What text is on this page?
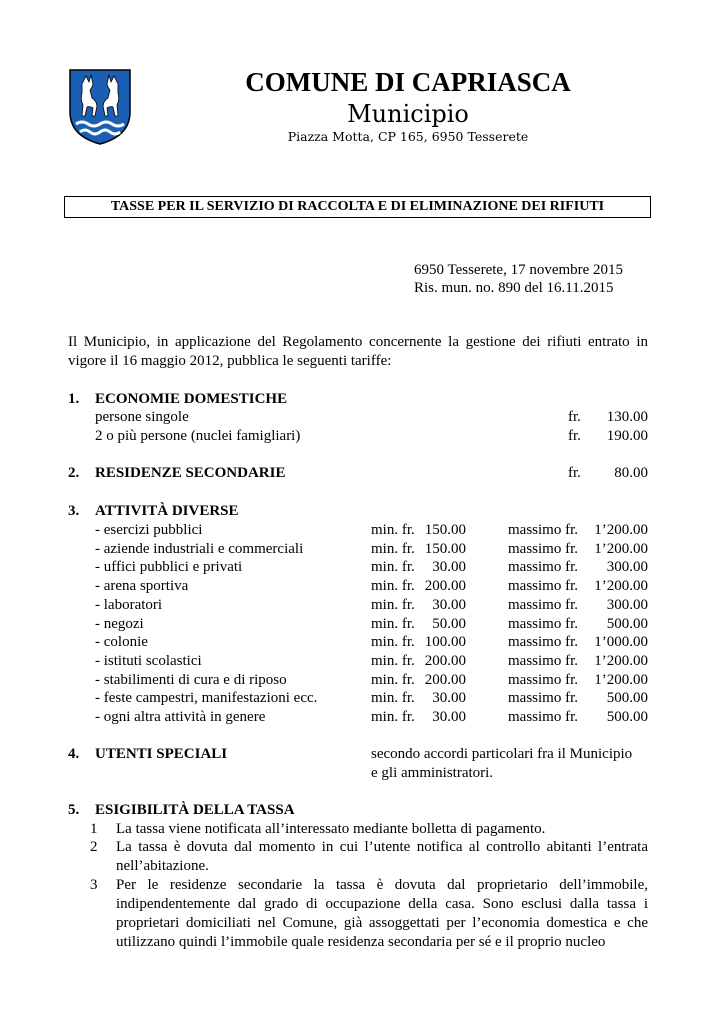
COMUNE DI CAPRIASCA
Municipio
Piazza Motta, CP 165, 6950 Tesserete
TASSE PER IL SERVIZIO DI RACCOLTA E DI ELIMINAZIONE DEI RIFIUTI
6950 Tesserete, 17 novembre 2015
Ris. mun. no. 890 del 16.11.2015
Il Municipio, in applicazione del Regolamento concernente la gestione dei rifiuti entrato in vigore il 16 maggio 2012, pubblica le seguenti tariffe:
1. ECONOMIE DOMESTICHE
persone singole	fr.	130.00
2 o più persone (nuclei famigliari)	fr.	190.00
2. RESIDENZE SECONDARIE	fr.	80.00
3. ATTIVITÀ DIVERSE
- esercizi pubblici	min. fr. 150.00	massimo fr.	1’200.00
- aziende industriali e commerciali	min. fr. 150.00	massimo fr.	1’200.00
- uffici pubblici e privati	min. fr.	30.00	massimo fr.	300.00
- arena sportiva	min. fr. 200.00	massimo fr.	1’200.00
- laboratori	min. fr.	30.00	massimo fr.	300.00
- negozi	min. fr.	50.00	massimo fr.	500.00
- colonie	min. fr. 100.00	massimo fr.	1’000.00
- istituti scolastici	min. fr. 200.00	massimo fr.	1’200.00
- stabilimenti di cura e di riposo	min. fr. 200.00	massimo fr.	1’200.00
- feste campestri, manifestazioni ecc.	min. fr.	30.00	massimo fr.	500.00
- ogni altra attività in genere	min. fr.	30.00	massimo fr.	500.00
4. UTENTI SPECIALI	secondo accordi particolari fra il Municipio
e gli amministratori.
5. ESIGIBILITÀ DELLA TASSA
1 La tassa viene notificata all’interessato mediante bolletta di pagamento.
2 La tassa è dovuta dal momento in cui l’utente notifica al controllo abitanti l’entrata nell’abitazione.
3 Per le residenze secondarie la tassa è dovuta dal proprietario dell’immobile, indipendentemente dal grado di occupazione della casa. Sono esclusi dalla tassa i proprietari domiciliati nel Comune, già assoggettati per l’economia domestica e che utilizzano quindi l’immobile quale residenza secondaria per sé e il proprio nucleo
